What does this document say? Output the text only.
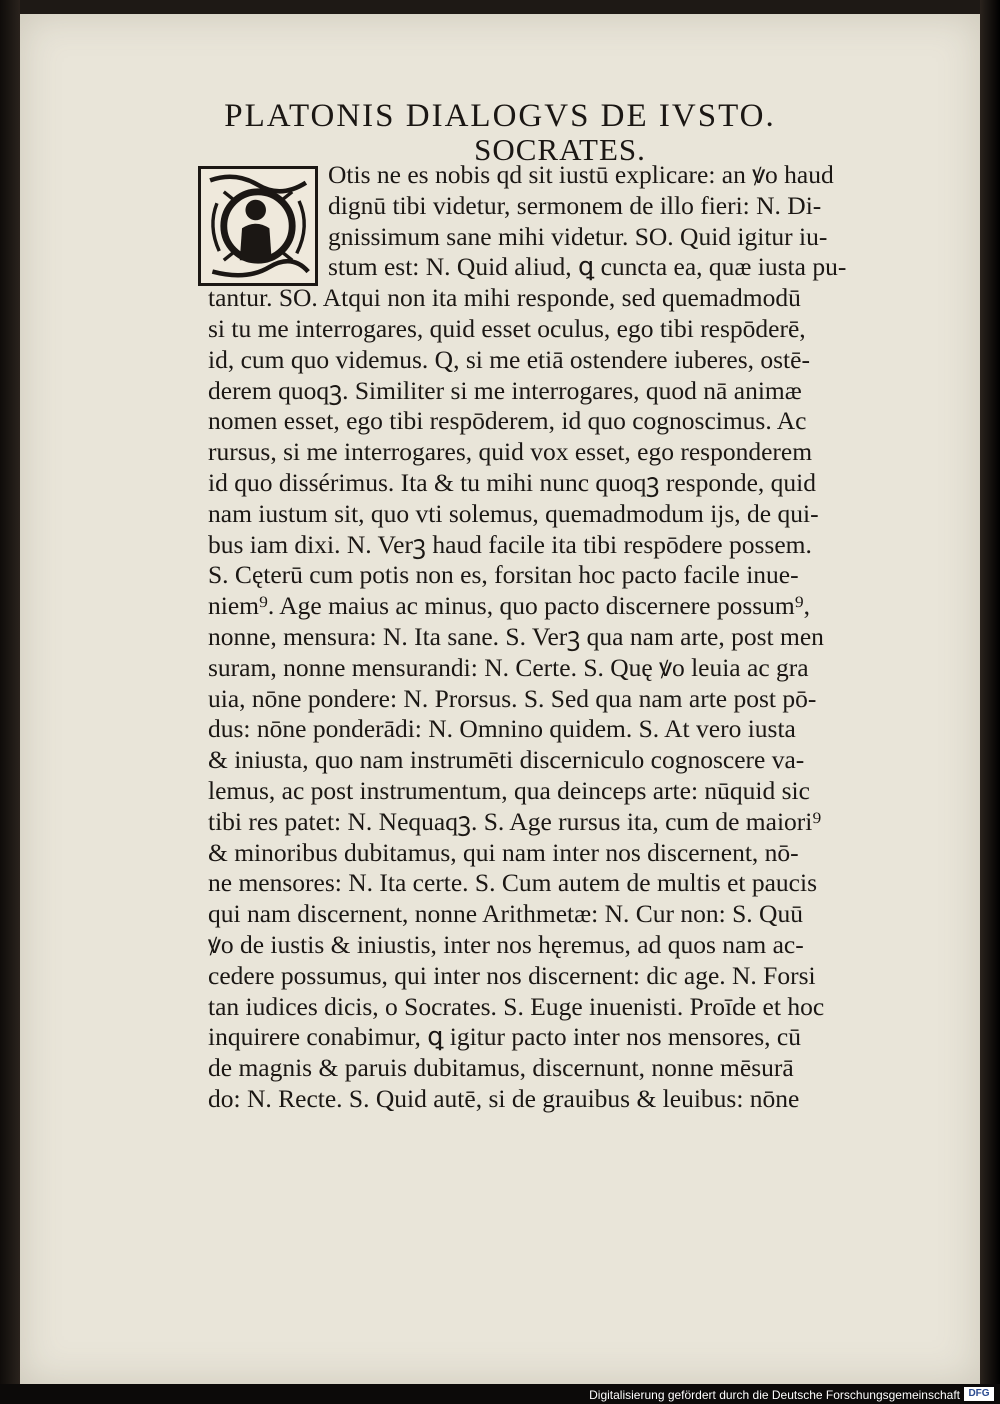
PLATONIS DIALOGVS DE IVSTO.
SOCRATES.
Otis ne es nobis qd sit iustū explicare: an ꝟo haud
dignū tibi videtur, sermonem de illo fieri: N. Di-
gnissimum sane mihi videtur. SO. Quid igitur iu-
stum est: N. Quid aliud, ꝗ cuncta ea, quæ iusta pu-
tantur. SO. Atqui non ita mihi responde, sed quemadmodū
si tu me interrogares, quid esset oculus, ego tibi respōderē,
id, cum quo videmus. Q, si me etiā ostendere iuberes, ostē-
derem quoqꝫ. Similiter si me interrogares, quod nā animæ
nomen esset, ego tibi respōderem, id quo cognoscimus. Ac
rursus, si me interrogares, quid vox esset, ego responderem
id quo dissérimus. Ita & tu mihi nunc quoqꝫ responde, quid
nam iustum sit, quo vti solemus, quemadmodum ijs, de qui-
bus iam dixi. N. Verꝫ haud facile ita tibi respōdere possem.
S. Cęterū cum potis non es, forsitan hoc pacto facile inue-
niem⁹. Age maius ac minus, quo pacto discernere possum⁹,
nonne, mensura: N. Ita sane. S. Verꝫ qua nam arte, post men
suram, nonne mensurandi: N. Certe. S. Quę ꝟo leuia ac gra
uia, nōne pondere: N. Prorsus. S. Sed qua nam arte post pō-
dus: nōne ponderādi: N. Omnino quidem. S. At vero iusta
& iniusta, quo nam instrumēti discerniculo cognoscere va-
lemus, ac post instrumentum, qua deinceps arte: nūquid sic
tibi res patet: N. Nequaqꝫ. S. Age rursus ita, cum de maiori⁹
& minoribus dubitamus, qui nam inter nos discernent, nō-
ne mensores: N. Ita certe. S. Cum autem de multis et paucis
qui nam discernent, nonne Arithmetæ: N. Cur non: S. Quū
ꝟo de iustis & iniustis, inter nos hęremus, ad quos nam ac-
cedere possumus, qui inter nos discernent: dic age. N. Forsi
tan iudices dicis, o Socrates. S. Euge inuenisti. Proīde et hoc
inquirere conabimur, ꝗ igitur pacto inter nos mensores, cū
de magnis & paruis dubitamus, discernunt, nonne mēsurā
do: N. Recte. S. Quid autē, si de grauibus & leuibus: nōne
Digitalisierung gefördert durch die Deutsche Forschungsgemeinschaft DFG
